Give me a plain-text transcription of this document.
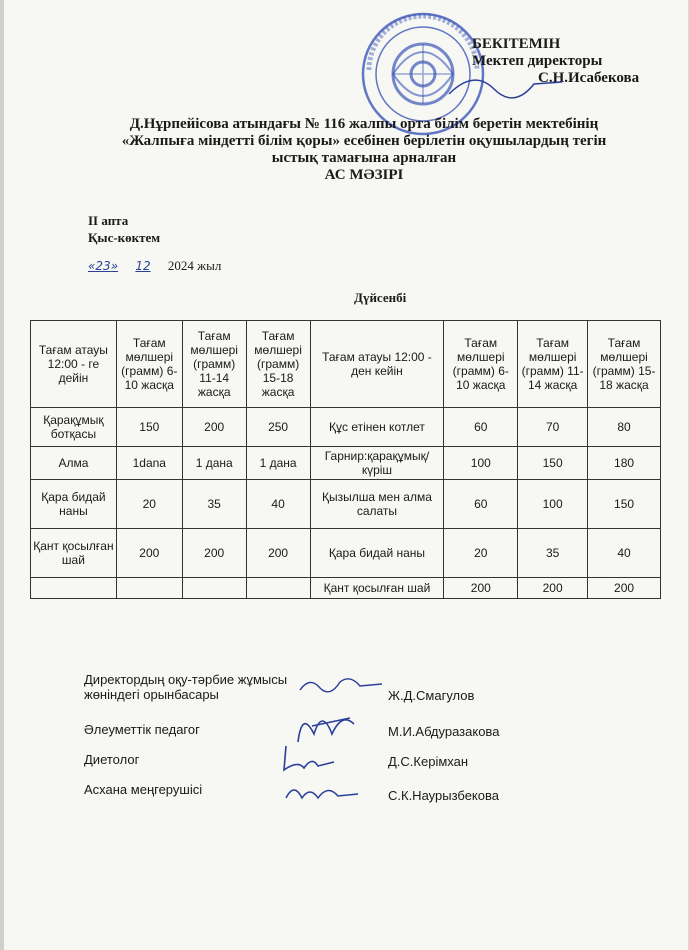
БЕКІТЕМІН
Мектеп директоры
С.Н.Исабекова
Д.Нұрпейісова атындағы № 116 жалпы орта білім беретін мектебінің
«Жалпыға міндетті білім қоры» есебінен берілетін оқушылардың тегін
ыстық тамағына арналған
АС МӘЗІРІ
II апта
Қыс-көктем
«23» 12 2024 жыл
Дүйсенбі
Тағам атауы 12:00 - ге дейін	Тағам мөлшері (грамм) 6-10 жасқа	Тағам мөлшері (грамм) 11-14 жасқа	Тағам мөлшері (грамм) 15-18 жасқа	Тағам атауы 12:00 - ден кейін	Тағам мөлшері (грамм) 6-10 жасқа	Тағам мөлшері (грамм) 11-14 жасқа	Тағам мөлшері (грамм) 15-18 жасқа
Қарақұмық ботқасы	150	200	250	Құс етінен котлет	60	70	80
Алма	1dana	1 дана	1 дана	Гарнир:қарақұмық/ күріш	100	150	180
Қара бидай наны	20	35	40	Қызылша мен алма салаты	60	100	150
Қант қосылған шай	200	200	200	Қара бидай наны	20	35	40
				Қант қосылған шай	200	200	200
Директордың оқу-тәрбие жұмысы
жөніндегі орынбасары	Ж.Д.Смагулов
Әлеуметтік педагог	М.И.Абдуразакова
Диетолог	Д.С.Керімхан
Асхана меңгерушісі	С.К.Наурызбекова
